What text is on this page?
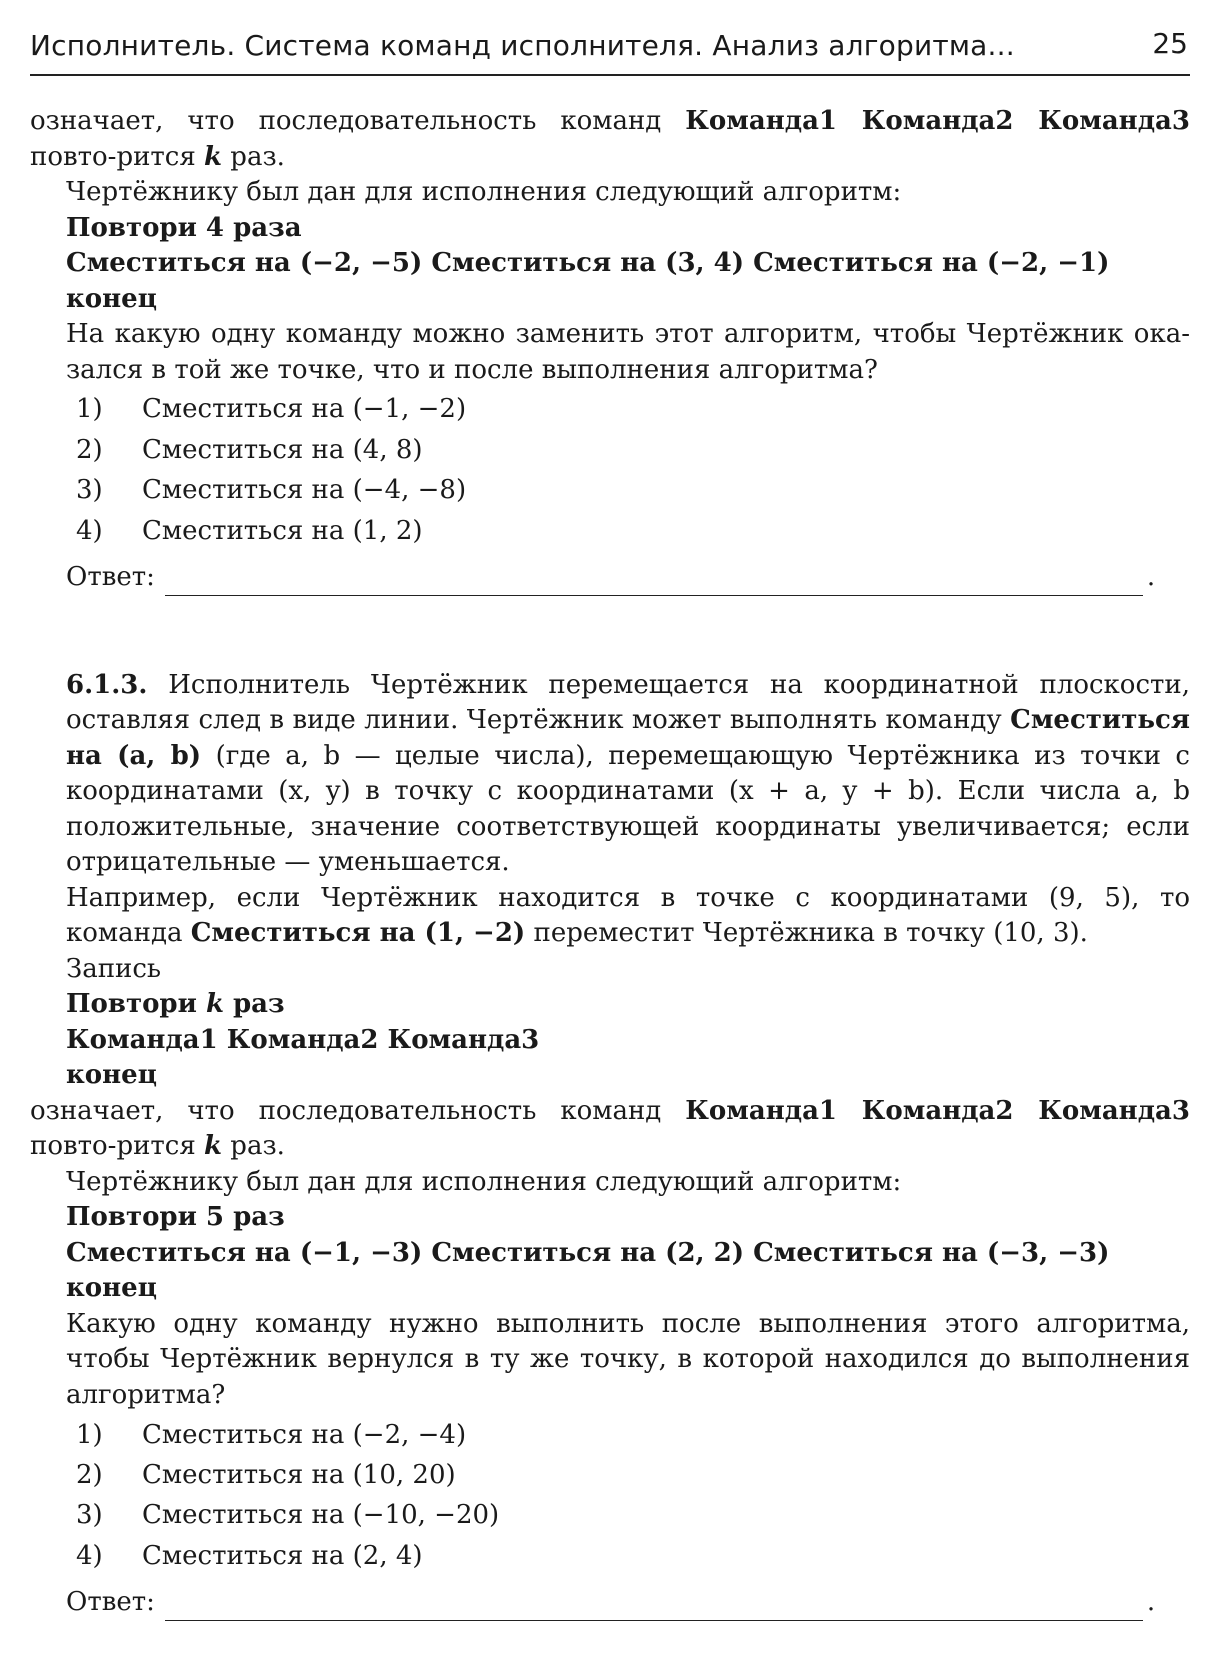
Исполнитель. Система команд исполнителя. Анализ алгоритма...	25

означает, что последовательность команд Команда1 Команда2 Команда3 повто-рится k раз.

Чертёжнику был дан для исполнения следующий алгоритм:

Повтори 4 раза

Сместиться на (−2, −5) Сместиться на (3, 4) Сместиться на (−2, −1)

конец

На какую одну команду можно заменить этот алгоритм, чтобы Чертёжник ока-зался в той же точке, что и после выполнения алгоритма?

1)	Сместиться на (−1, −2)
2)	Сместиться на (4, 8)
3)	Сместиться на (−4, −8)
4)	Сместиться на (1, 2)
Ответ:	.

6.1.3. Исполнитель Чертёжник перемещается на координатной плоскости, оставляя след в виде линии. Чертёжник может выполнять команду Сместиться на (a, b) (где a, b — целые числа), перемещающую Чертёжника из точки с координатами (x, y) в точку с координатами (x + a, y + b). Если числа a, b положительные, значение соответствующей координаты увеличивается; если отрицательные — уменьшается.

Например, если Чертёжник находится в точке с координатами (9, 5), то команда Сместиться на (1, −2) переместит Чертёжника в точку (10, 3).

Запись

Повтори k раз

Команда1 Команда2 Команда3

конец

означает, что последовательность команд Команда1 Команда2 Команда3 повто-рится k раз.

Чертёжнику был дан для исполнения следующий алгоритм:

Повтори 5 раз

Сместиться на (−1, −3) Сместиться на (2, 2) Сместиться на (−3, −3)

конец

Какую одну команду нужно выполнить после выполнения этого алгоритма, чтобы Чертёжник вернулся в ту же точку, в которой находился до выполнения алгоритма?

1)	Сместиться на (−2, −4)
2)	Сместиться на (10, 20)
3)	Сместиться на (−10, −20)
4)	Сместиться на (2, 4)
Ответ:	.
